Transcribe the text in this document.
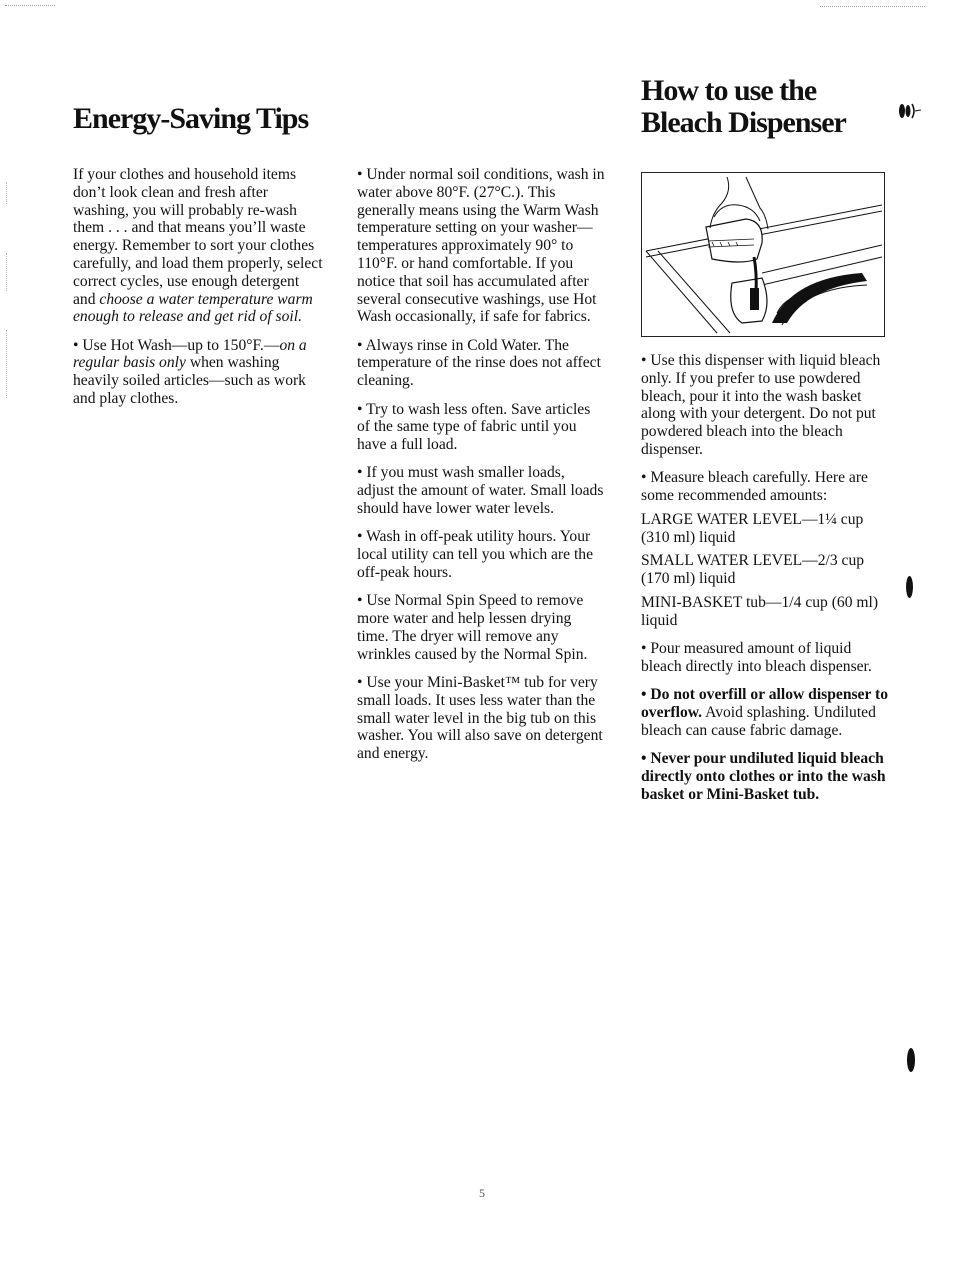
Energy-Saving Tips

If your clothes and household items don’t look clean and fresh after washing, you will probably re-wash them . . . and that means you’ll waste energy. Remember to sort your clothes carefully, and load them properly, select correct cycles, use enough detergent and choose a water temperature warm enough to release and get rid of soil.

• Use Hot Wash—up to 150°F.—on a regular basis only when washing heavily soiled articles—such as work and play clothes.

• Under normal soil conditions, wash in water above 80°F. (27°C.). This generally means using the Warm Wash temperature setting on your washer—temperatures approximately 90° to 110°F. or hand comfortable. If you notice that soil has accumulated after several consecutive washings, use Hot Wash occasionally, if safe for fabrics.

• Always rinse in Cold Water. The temperature of the rinse does not affect cleaning.

• Try to wash less often. Save articles of the same type of fabric until you have a full load.

• If you must wash smaller loads, adjust the amount of water. Small loads should have lower water levels.

• Wash in off-peak utility hours. Your local utility can tell you which are the off-peak hours.

• Use Normal Spin Speed to remove more water and help lessen drying time. The dryer will remove any wrinkles caused by the Normal Spin.

• Use your Mini-Basket™ tub for very small loads. It uses less water than the small water level in the big tub on this washer. You will also save on detergent and energy.

How to use the
Bleach Dispenser

• Use this dispenser with liquid bleach only. If you prefer to use powdered bleach, pour it into the wash basket along with your detergent. Do not put powdered bleach into the bleach dispenser.

• Measure bleach carefully. Here are some recommended amounts:

LARGE WATER LEVEL—1¼ cup (310 ml) liquid

SMALL WATER LEVEL—2/3 cup (170 ml) liquid

MINI-BASKET tub—1/4 cup (60 ml) liquid

• Pour measured amount of liquid bleach directly into bleach dispenser.

• Do not overfill or allow dispenser to overflow. Avoid splashing. Undiluted bleach can cause fabric damage.

• Never pour undiluted liquid bleach directly onto clothes or into the wash basket or Mini-Basket tub.

5
